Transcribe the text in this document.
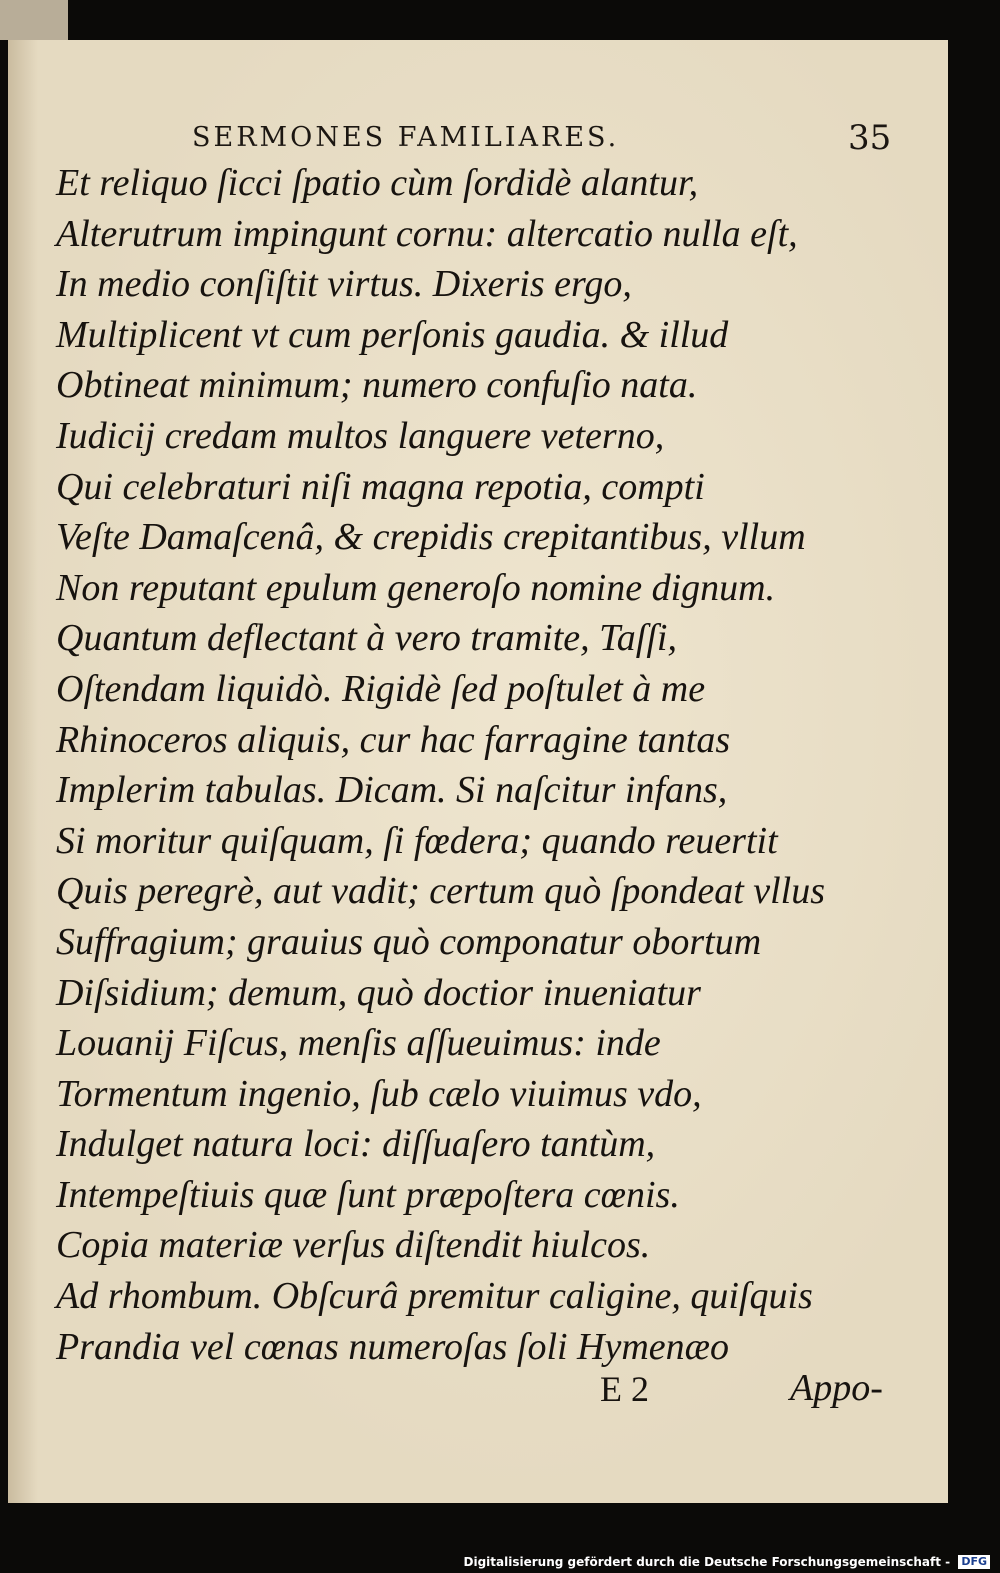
SERMONES FAMILIARES.	35
Et reliquo ſicci ſpatio cùm ſordidè alantur,
Alterutrum impingunt cornu: altercatio nulla eſt,
In medio conſiſtit virtus. Dixeris ergo,
Multiplicent vt cum perſonis gaudia. & illud
Obtineat minimum; numero confuſio nata.
Iudicij credam multos languere veterno,
Qui celebraturi niſi magna repotia, compti
Veſte Damaſcenâ, & crepidis crepitantibus, vllum
Non reputant epulum generoſo nomine dignum.
Quantum deflectant à vero tramite, Taſſi,
Oſtendam liquidò. Rigidè ſed poſtulet à me
Rhinoceros aliquis, cur hac farragine tantas
Implerim tabulas. Dicam. Si naſcitur infans,
Si moritur quiſquam, ſi fœdera; quando reuertit
Quis peregrè, aut vadit; certum quò ſpondeat vllus
Suffragium; grauius quò componatur obortum
Diſsidium; demum, quò doctior inueniatur
Louanij Fiſcus, menſis aſſueuimus: inde
Tormentum ingenio, ſub cælo viuimus vdo,
Indulget natura loci: diſſuaſero tantùm,
Intempeſtiuis quæ ſunt præpoſtera cœnis.
Copia materiæ verſus diſtendit hiulcos.
Ad rhombum. Obſcurâ premitur caligine, quiſquis
Prandia vel cœnas numeroſas ſoli Hymenæo
E 2	Appo-
Digitalisierung gefördert durch die Deutsche Forschungsgemeinschaft - DFG
